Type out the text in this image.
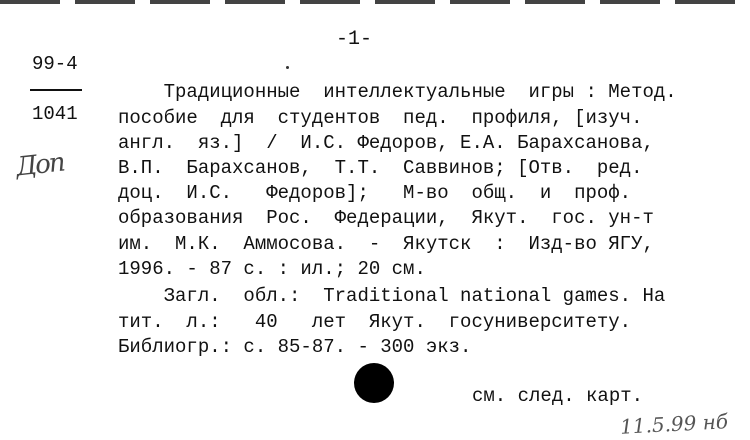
-1-
99-4
1041
Доп
Традиционные  интеллектуальные  игры : Метод.
пособие  для  студентов  пед.  профиля, [изуч.
англ.  яз.]  /  И.С. Федоров, Е.А. Барахсанова,
В.П.  Барахсанов,  Т.Т.  Саввинов; [Отв.  ред.
доц.  И.С.   Федоров];   М-во  общ.  и  проф.
образования  Рос.  Федерации,  Якут.  гос. ун-т
им.  М.К.  Аммосова.  -  Якутск  :  Изд-во ЯГУ,
1996. - 87 с. : ил.; 20 см.
Загл.  обл.:  Traditional national games. На
тит.  л.:   40   лет  Якут.  госуниверситету.
Библиогр.: с. 85-87. - 300 экз.
см. след. карт.
11.5.99 нб
